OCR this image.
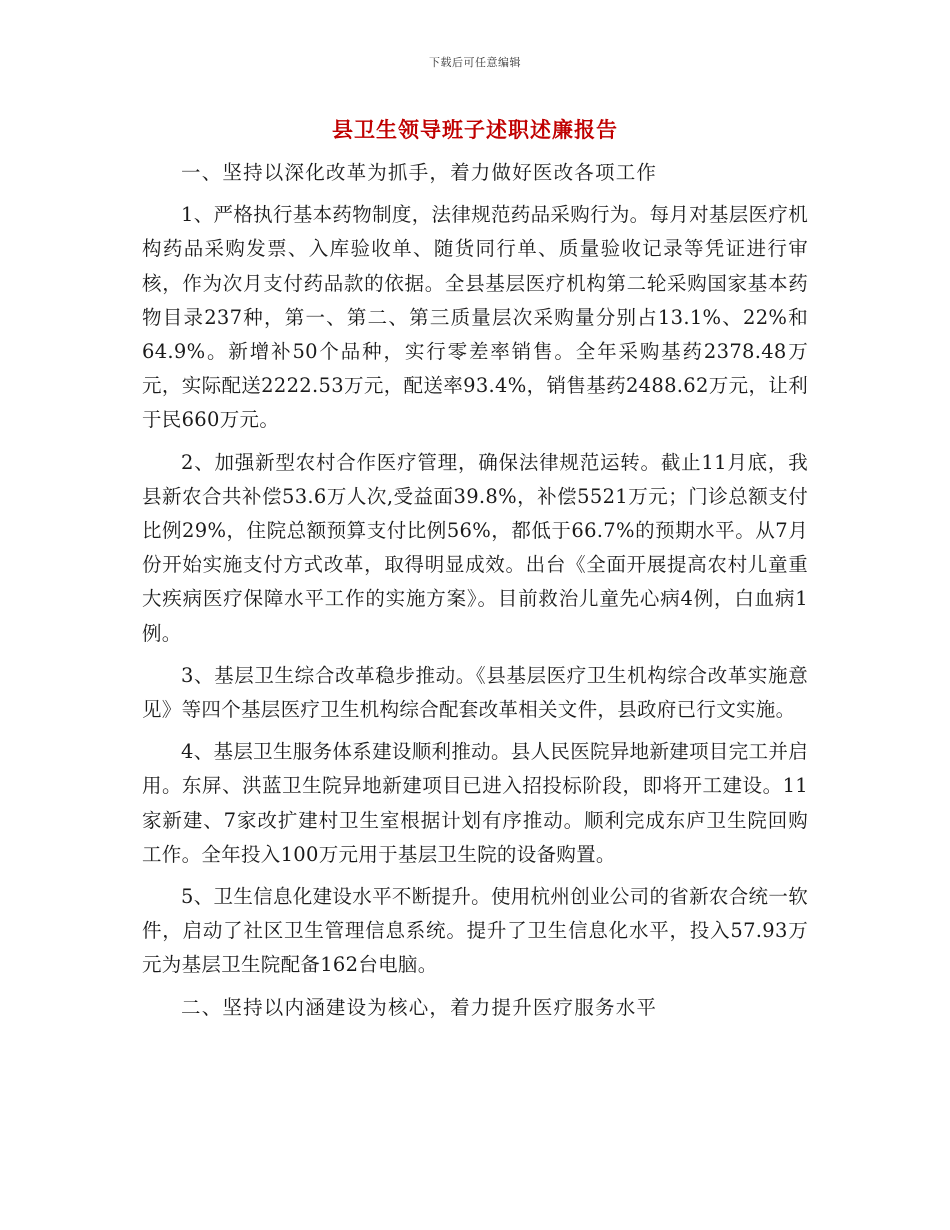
下载后可任意编辑
县卫生领导班子述职述廉报告

一、坚持以深化改革为抓手，着力做好医改各项工作

1、严格执行基本药物制度，法律规范药品采购行为。每月对基层医疗机构药品采购发票、入库验收单、随货同行单、质量验收记录等凭证进行审核，作为次月支付药品款的依据。全县基层医疗机构第二轮采购国家基本药物目录237种，第一、第二、第三质量层次采购量分别占13.1%、22%和64.9%。新增补50个品种，实行零差率销售。全年采购基药2378.48万元，实际配送2222.53万元，配送率93.4%，销售基药2488.62万元，让利于民660万元。

2、加强新型农村合作医疗管理，确保法律规范运转。截止11月底，我县新农合共补偿53.6万人次,受益面39.8%，补偿5521万元；门诊总额支付比例29%，住院总额预算支付比例56%，都低于66.7%的预期水平。从7月份开始实施支付方式改革，取得明显成效。出台《全面开展提高农村儿童重大疾病医疗保障水平工作的实施方案》。目前救治儿童先心病4例，白血病1例。

3、基层卫生综合改革稳步推动。《县基层医疗卫生机构综合改革实施意见》等四个基层医疗卫生机构综合配套改革相关文件，县政府已行文实施。

4、基层卫生服务体系建设顺利推动。县人民医院异地新建项目完工并启用。东屏、洪蓝卫生院异地新建项目已进入招投标阶段，即将开工建设。11家新建、7家改扩建村卫生室根据计划有序推动。顺利完成东庐卫生院回购工作。全年投入100万元用于基层卫生院的设备购置。

5、卫生信息化建设水平不断提升。使用杭州创业公司的省新农合统一软件，启动了社区卫生管理信息系统。提升了卫生信息化水平，投入57.93万元为基层卫生院配备162台电脑。

二、坚持以内涵建设为核心，着力提升医疗服务水平
